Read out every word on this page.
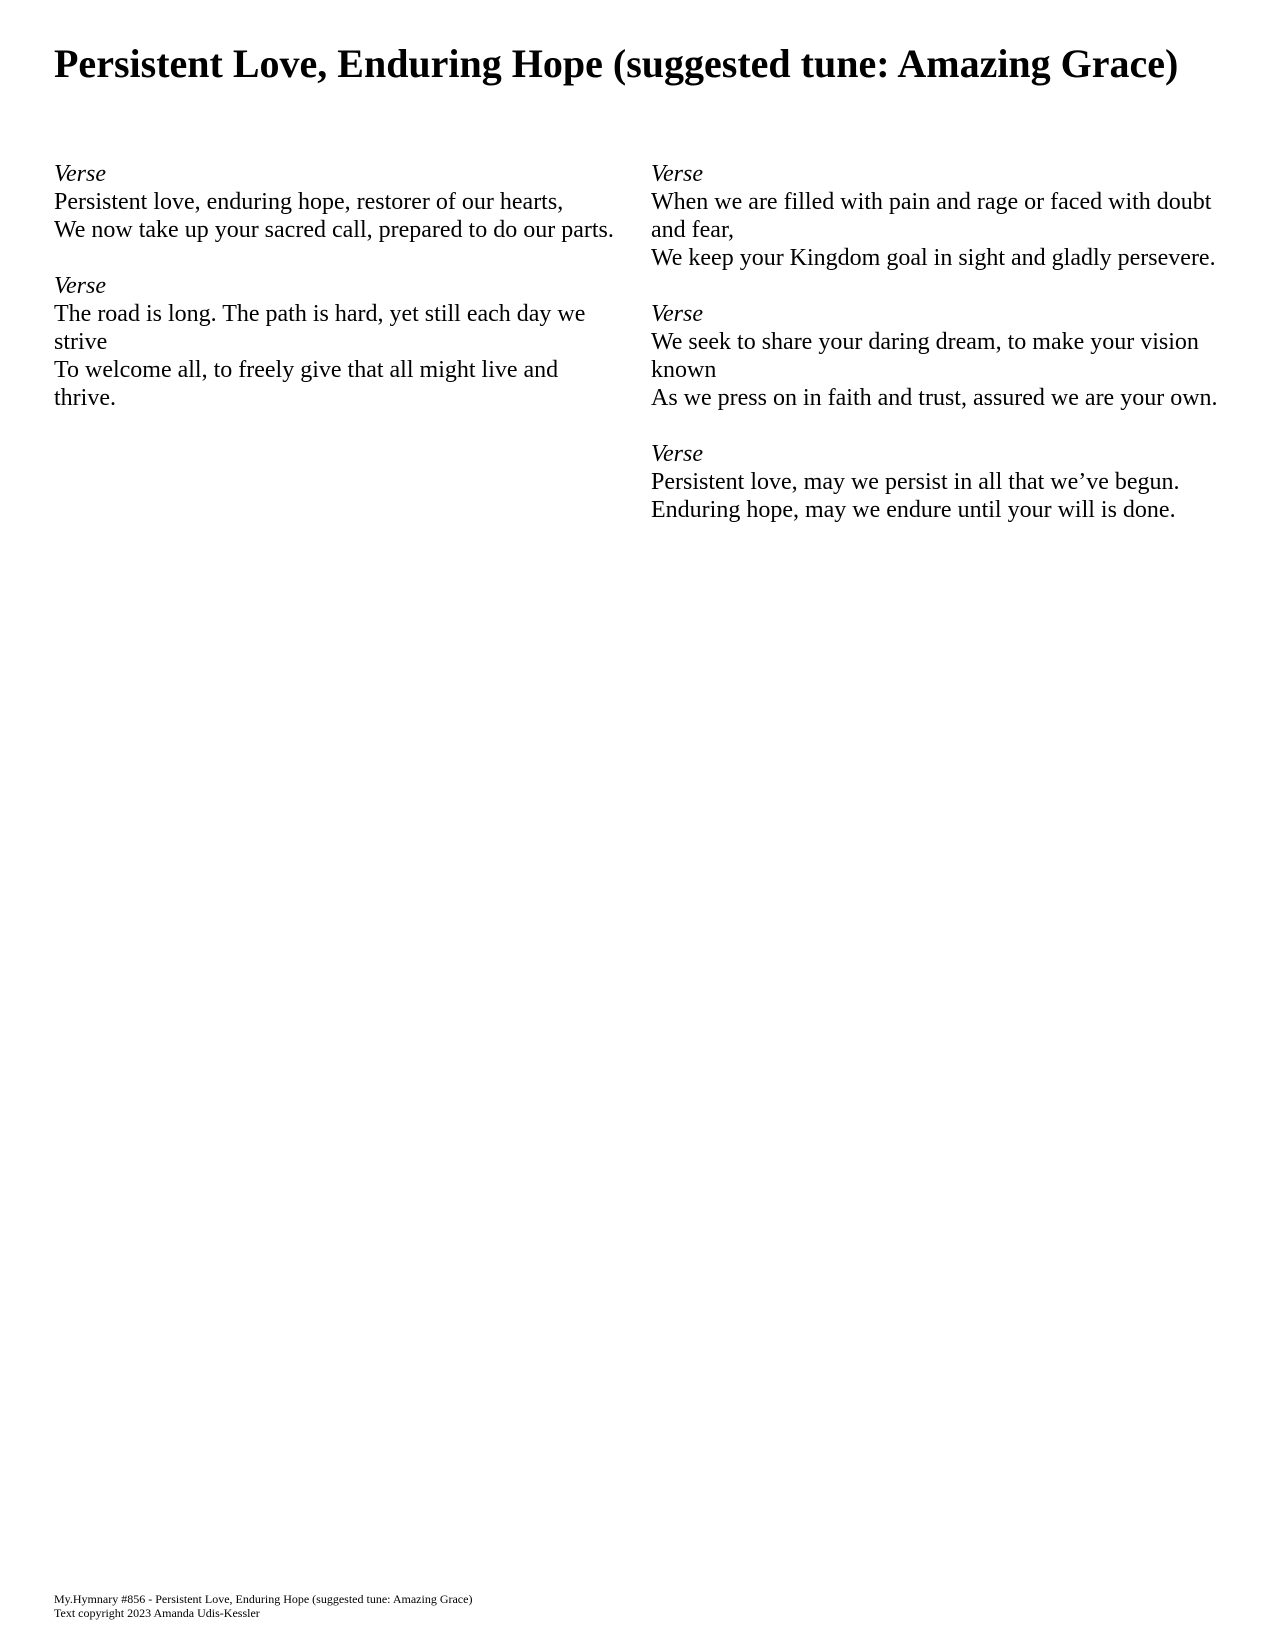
Persistent Love, Enduring Hope (suggested tune: Amazing Grace)
Verse
Persistent love, enduring hope, restorer of our hearts,
We now take up your sacred call, prepared to do our parts.
Verse
The road is long. The path is hard, yet still each day we strive
To welcome all, to freely give that all might live and thrive.
Verse
When we are filled with pain and rage or faced with doubt and fear,
We keep your Kingdom goal in sight and gladly persevere.
Verse
We seek to share your daring dream, to make your vision known
As we press on in faith and trust, assured we are your own.
Verse
Persistent love, may we persist in all that we’ve begun.
Enduring hope, may we endure until your will is done.
My.Hymnary #856 - Persistent Love, Enduring Hope (suggested tune: Amazing Grace)
Text copyright 2023 Amanda Udis-Kessler
